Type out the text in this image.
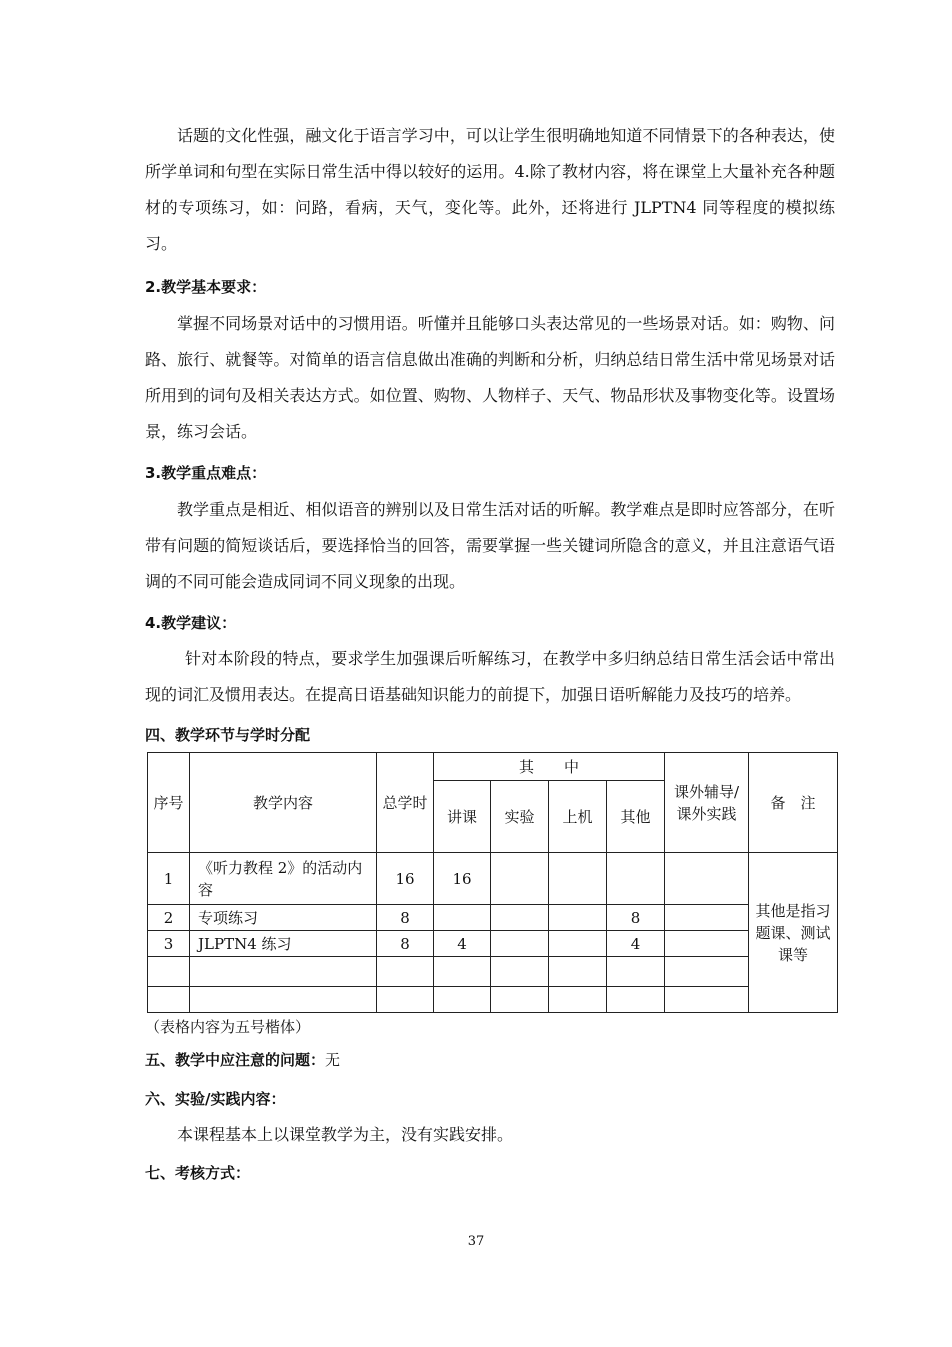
话题的文化性强，融文化于语言学习中，可以让学生很明确地知道不同情景下的各种表达，使所学单词和句型在实际日常生活中得以较好的运用。4.除了教材内容，将在课堂上大量补充各种题材的专项练习，如：问路，看病，天气，变化等。此外，还将进行 JLPTN4 同等程度的模拟练习。

2.教学基本要求：

掌握不同场景对话中的习惯用语。听懂并且能够口头表达常见的一些场景对话。如：购物、问路、旅行、就餐等。对简单的语言信息做出准确的判断和分析，归纳总结日常生活中常见场景对话所用到的词句及相关表达方式。如位置、购物、人物样子、天气、物品形状及事物变化等。设置场景，练习会话。

3.教学重点难点：

教学重点是相近、相似语音的辨别以及日常生活对话的听解。教学难点是即时应答部分，在听带有问题的简短谈话后，要选择恰当的回答，需要掌握一些关键词所隐含的意义，并且注意语气语调的不同可能会造成同词不同义现象的出现。

4.教学建议：

针对本阶段的特点，要求学生加强课后听解练习，在教学中多归纳总结日常生活会话中常出现的词汇及惯用表达。在提高日语基础知识能力的前提下，加强日语听解能力及技巧的培养。

四、教学环节与学时分配

序号	教学内容	总学时	其　　中				课外辅导/课外实践	备　注
			讲课	实验	上机	其他		
1	《听力教程 2》的活动内容	16	16					其他是指习题课、测试课等
2	专项练习	8				8		
3	JLPTN4 练习	8	4			4		

（表格内容为五号楷体）

五、教学中应注意的问题：无

六、实验/实践内容：

本课程基本上以课堂教学为主，没有实践安排。

七、考核方式：

37
